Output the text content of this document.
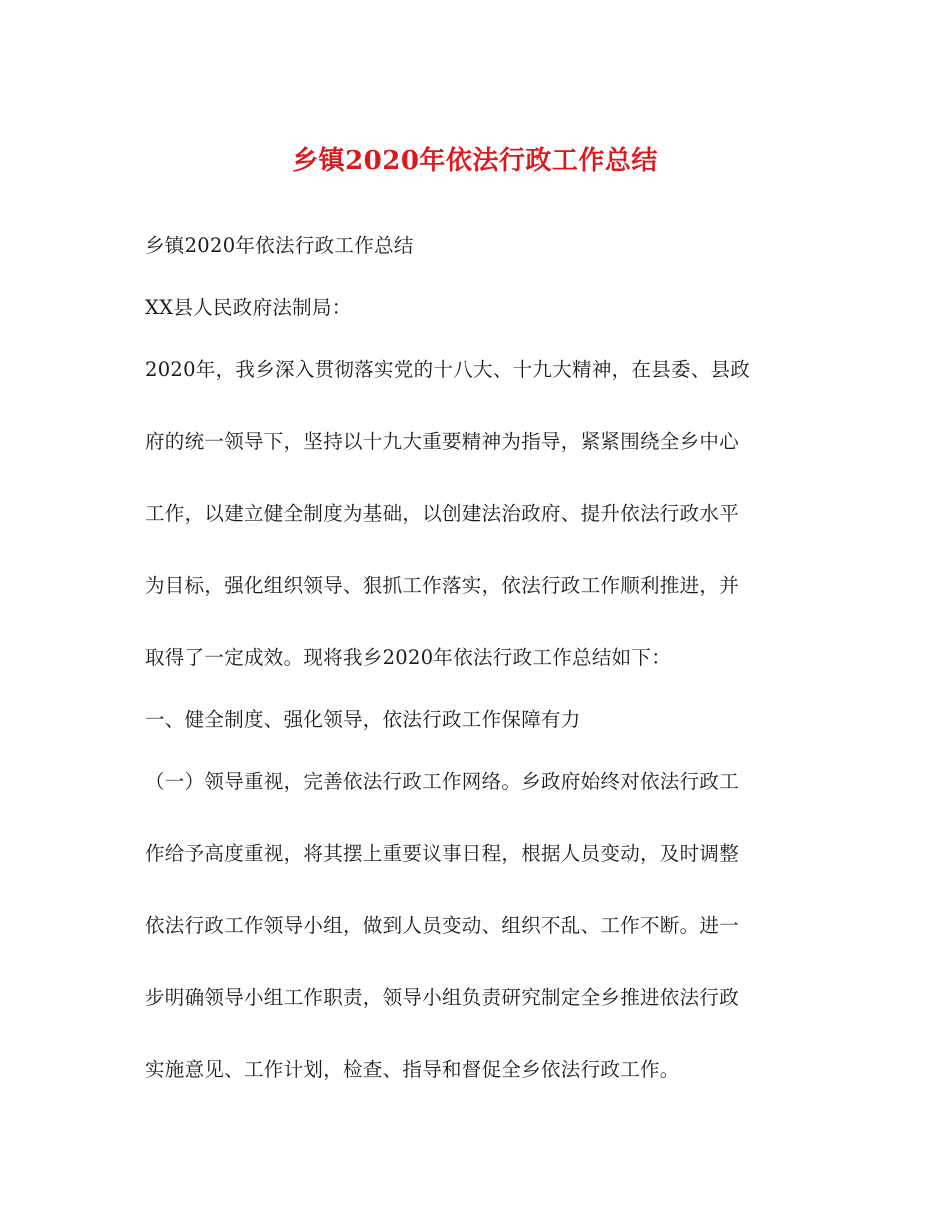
乡镇2020年依法行政工作总结
乡镇2020年依法行政工作总结
XX县人民政府法制局：
2020年，我乡深入贯彻落实党的十八大、十九大精神，在县委、县政
府的统一领导下，坚持以十九大重要精神为指导，紧紧围绕全乡中心
工作，以建立健全制度为基础，以创建法治政府、提升依法行政水平
为目标，强化组织领导、狠抓工作落实，依法行政工作顺利推进，并
取得了一定成效。现将我乡2020年依法行政工作总结如下：
一、健全制度、强化领导，依法行政工作保障有力
（一）领导重视，完善依法行政工作网络。乡政府始终对依法行政工
作给予高度重视，将其摆上重要议事日程，根据人员变动，及时调整
依法行政工作领导小组，做到人员变动、组织不乱、工作不断。进一
步明确领导小组工作职责，领导小组负责研究制定全乡推进依法行政
实施意见、工作计划，检查、指导和督促全乡依法行政工作。
